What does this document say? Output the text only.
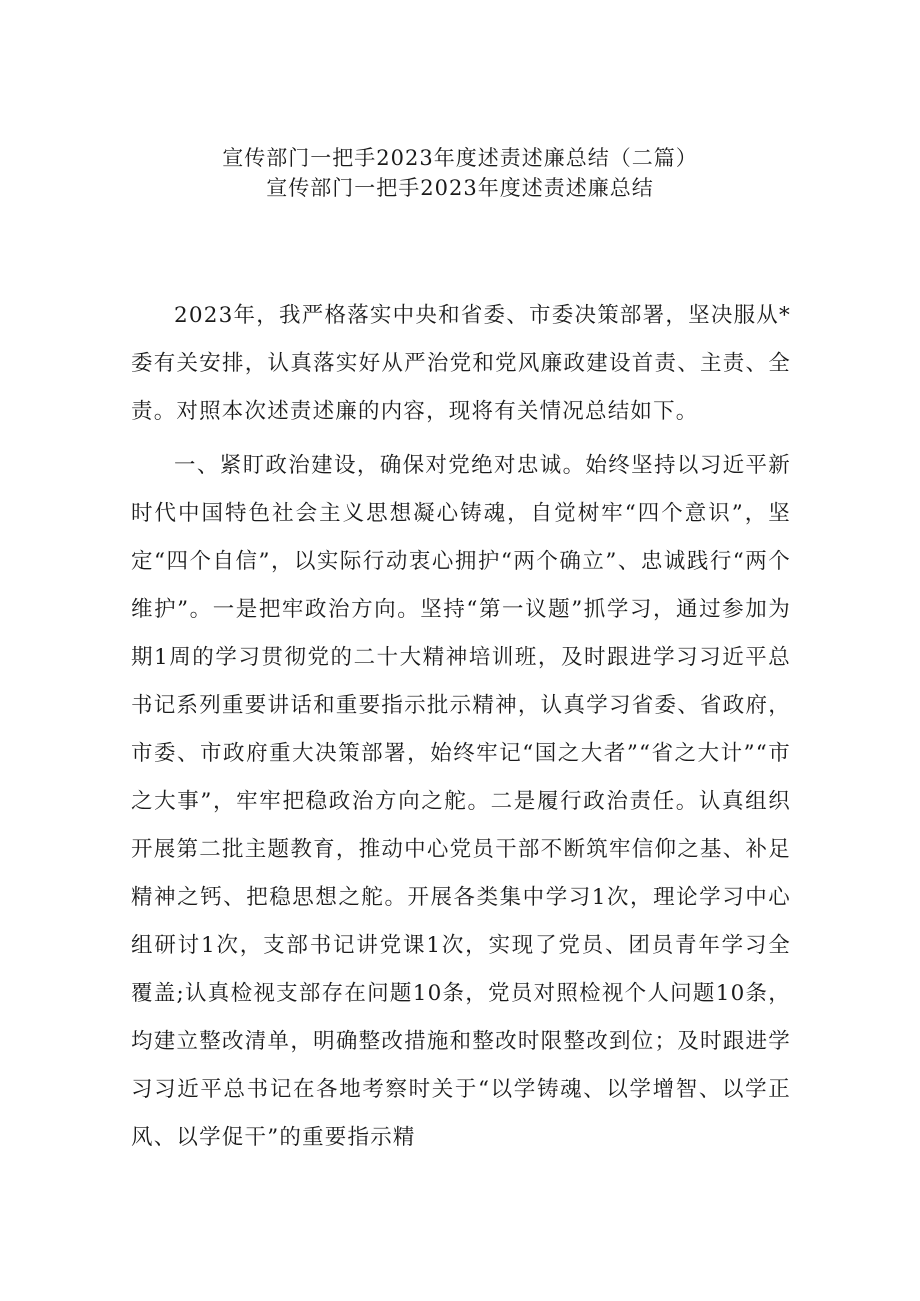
宣传部门一把手2023年度述责述廉总结（二篇）

宣传部门一把手2023年度述责述廉总结

2023年，我严格落实中央和省委、市委决策部署，坚决服从*委有关安排，认真落实好从严治党和党风廉政建设首责、主责、全责。对照本次述责述廉的内容，现将有关情况总结如下。

一、紧盯政治建设，确保对党绝对忠诚。始终坚持以习近平新时代中国特色社会主义思想凝心铸魂，自觉树牢“四个意识”，坚定“四个自信”，以实际行动衷心拥护“两个确立”、忠诚践行“两个维护”。一是把牢政治方向。坚持“第一议题”抓学习，通过参加为期1周的学习贯彻党的二十大精神培训班，及时跟进学习习近平总书记系列重要讲话和重要指示批示精神，认真学习省委、省政府，市委、市政府重大决策部署，始终牢记“国之大者”“省之大计”“市之大事”，牢牢把稳政治方向之舵。二是履行政治责任。认真组织开展第二批主题教育，推动中心党员干部不断筑牢信仰之基、补足精神之钙、把稳思想之舵。开展各类集中学习1次，理论学习中心组研讨1次，支部书记讲党课1次，实现了党员、团员青年学习全覆盖;认真检视支部存在问题10条，党员对照检视个人问题10条，均建立整改清单，明确整改措施和整改时限整改到位；及时跟进学习习近平总书记在各地考察时关于“以学铸魂、以学增智、以学正风、以学促干”的重要指示精
